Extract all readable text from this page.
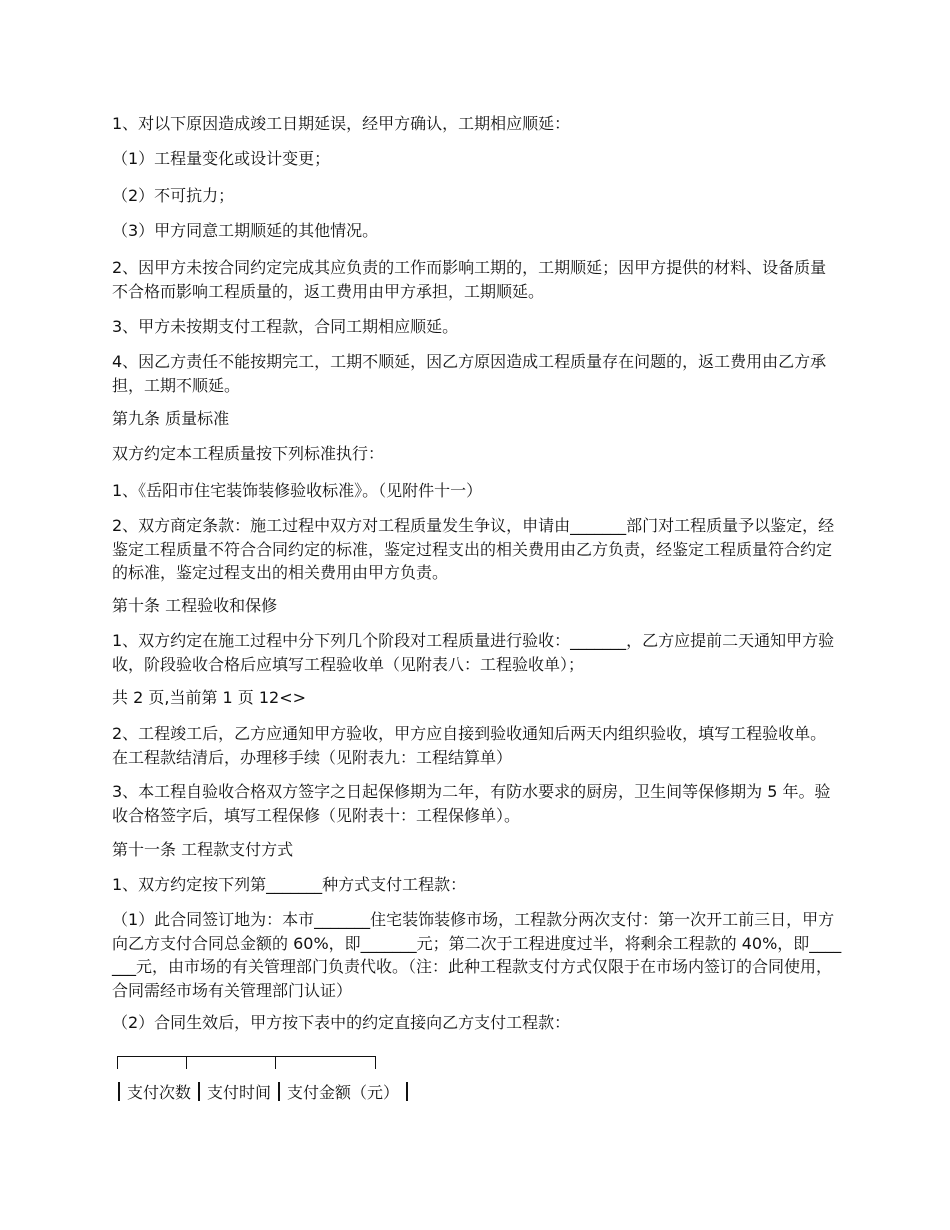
1、对以下原因造成竣工日期延误，经甲方确认，工期相应顺延：

（1）工程量变化或设计变更；

（2）不可抗力；

（3）甲方同意工期顺延的其他情况。

2、因甲方未按合同约定完成其应负责的工作而影响工期的，工期顺延；因甲方提供的材料、设备质量不合格而影响工程质量的，返工费用由甲方承担，工期顺延。

3、甲方未按期支付工程款，合同工期相应顺延。

4、因乙方责任不能按期完工，工期不顺延，因乙方原因造成工程质量存在问题的，返工费用由乙方承担，工期不顺延。

第九条 质量标准

双方约定本工程质量按下列标准执行：

1、《岳阳市住宅装饰装修验收标准》。（见附件十一）

2、双方商定条款：施工过程中双方对工程质量发生争议，申请由_______部门对工程质量予以鉴定，经鉴定工程质量不符合合同约定的标准，鉴定过程支出的相关费用由乙方负责，经鉴定工程质量符合约定的标准，鉴定过程支出的相关费用由甲方负责。

第十条 工程验收和保修

1、双方约定在施工过程中分下列几个阶段对工程质量进行验收：_______，乙方应提前二天通知甲方验收，阶段验收合格后应填写工程验收单（见附表八：工程验收单）；

共 2 页,当前第 1 页 12<>

2、工程竣工后，乙方应通知甲方验收，甲方应自接到验收通知后两天内组织验收，填写工程验收单。在工程款结清后，办理移手续（见附表九：工程结算单）

3、本工程自验收合格双方签字之日起保修期为二年，有防水要求的厨房，卫生间等保修期为 5 年。验收合格签字后，填写工程保修（见附表十：工程保修单）。

第十一条 工程款支付方式

1、双方约定按下列第_______种方式支付工程款：

（1）此合同签订地为：本市_______住宅装饰装修市场，工程款分两次支付：第一次开工前三日，甲方向乙方支付合同总金额的 60%，即_______元；第二次于工程进度过半，将剩余工程款的 40%，即_______元，由市场的有关管理部门负责代收。（注：此种工程款支付方式仅限于在市场内签订的合同使用，合同需经市场有关管理部门认证）

（2）合同生效后，甲方按下表中的约定直接向乙方支付工程款：

支付次数 支付时间 支付金额（元）
